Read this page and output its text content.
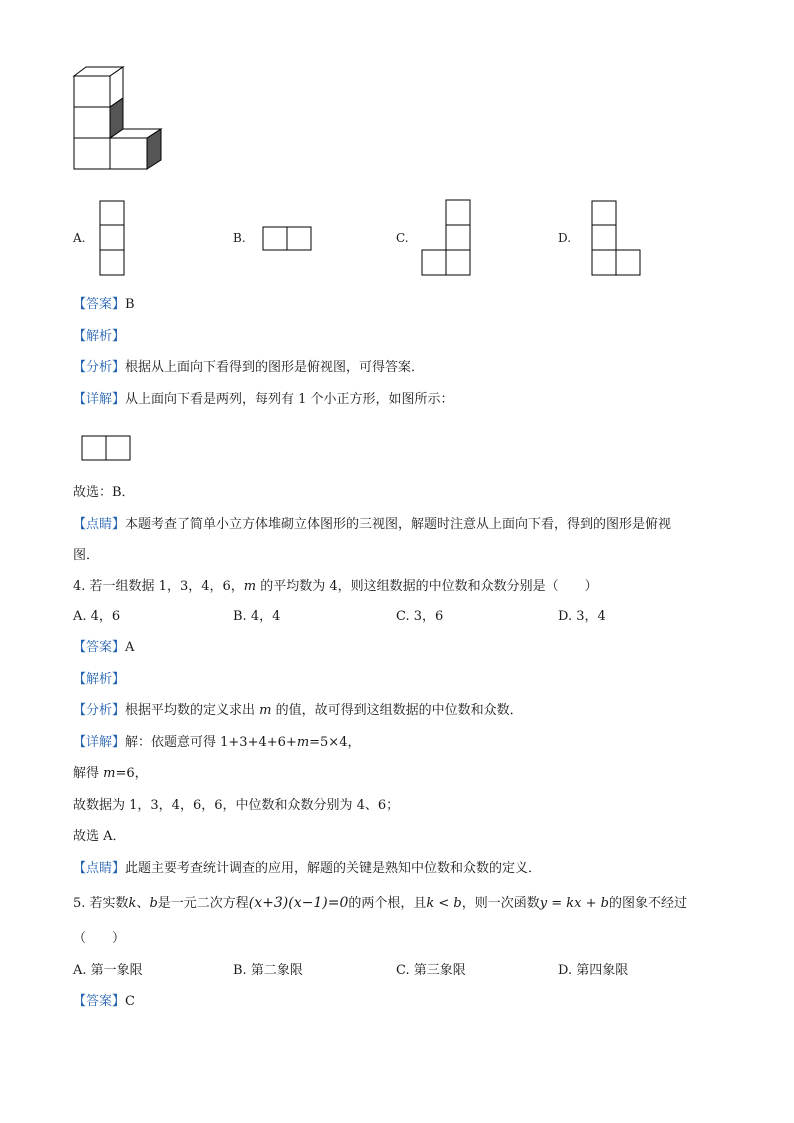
A.	B.	C.	D.
【答案】B
【解析】
【分析】根据从上面向下看得到的图形是俯视图，可得答案．
【详解】从上面向下看是两列，每列有 1 个小正方形，如图所示：
故选：B．
【点睛】本题考查了简单小立方体堆砌立体图形的三视图，解题时注意从上面向下看，得到的图形是俯视
图．
4. 若一组数据 1，3，4，6，m 的平均数为 4，则这组数据的中位数和众数分别是（　　）
A. 4，6	B. 4，4	C. 3，6	D. 3，4
【答案】A
【解析】
【分析】根据平均数的定义求出 m 的值，故可得到这组数据的中位数和众数．
【详解】解：依题意可得 1+3+4+6+m=5×4，
解得 m=6，
故数据为 1，3，4，6，6，中位数和众数分别为 4、6；
故选 A．
【点睛】此题主要考查统计调查的应用，解题的关键是熟知中位数和众数的定义．
5. 若实数k、b是一元二次方程(x+3)(x−1)=0的两个根，且k < b，则一次函数y = kx + b的图象不经过
（　　）
A. 第一象限	B. 第二象限	C. 第三象限	D. 第四象限
【答案】C
